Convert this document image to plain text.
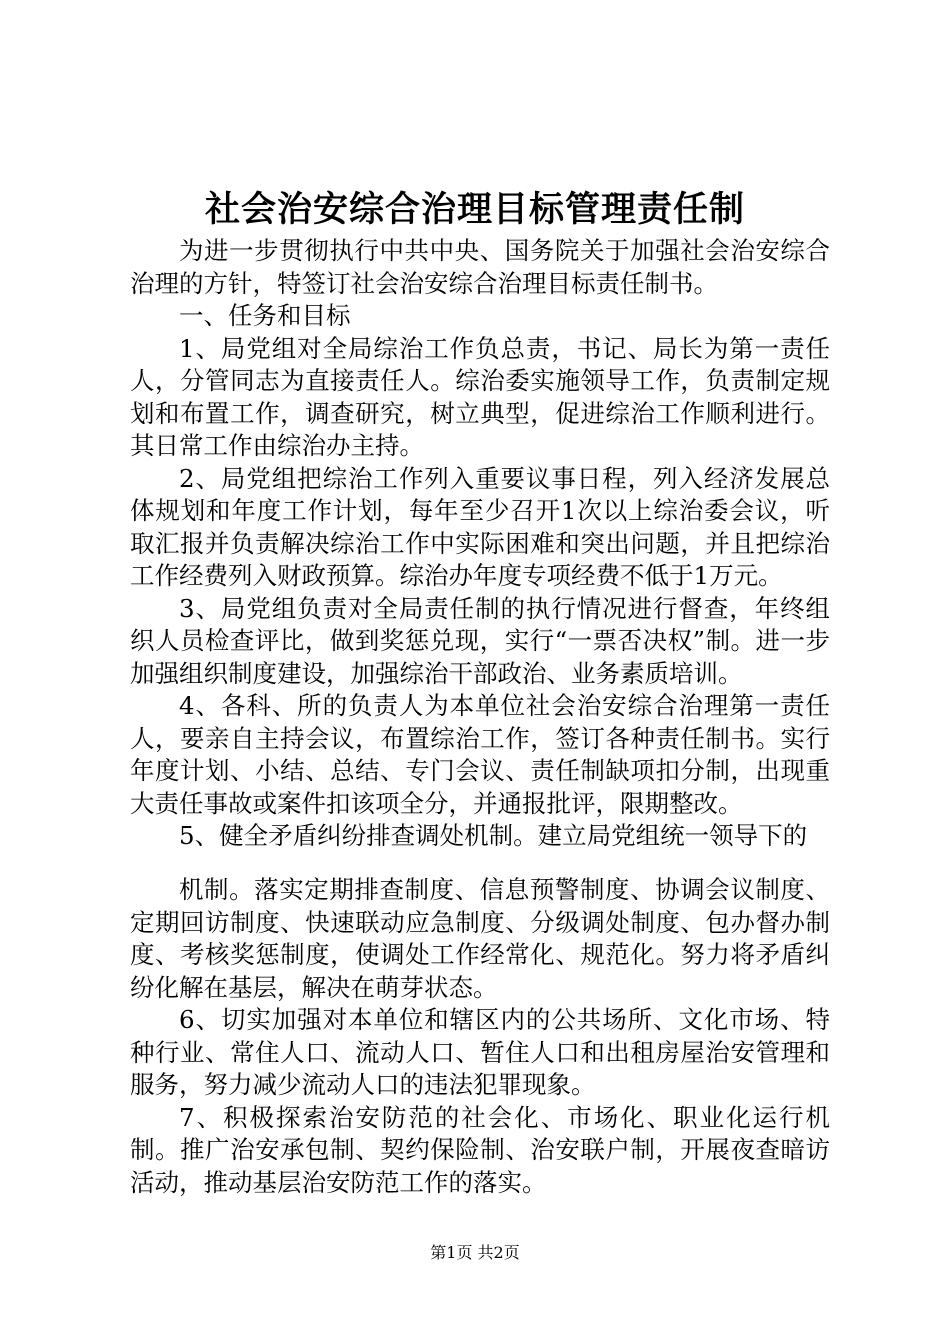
社会治安综合治理目标管理责任制

为进一步贯彻执行中共中央、国务院关于加强社会治安综合治理的方针，特签订社会治安综合治理目标责任制书。

一、任务和目标

1、局党组对全局综治工作负总责，书记、局长为第一责任人，分管同志为直接责任人。综治委实施领导工作，负责制定规划和布置工作，调查研究，树立典型，促进综治工作顺利进行。其日常工作由综治办主持。

2、局党组把综治工作列入重要议事日程，列入经济发展总体规划和年度工作计划，每年至少召开1次以上综治委会议，听取汇报并负责解决综治工作中实际困难和突出问题，并且把综治工作经费列入财政预算。综治办年度专项经费不低于1万元。

3、局党组负责对全局责任制的执行情况进行督查，年终组织人员检查评比，做到奖惩兑现，实行“一票否决权”制。进一步加强组织制度建设，加强综治干部政治、业务素质培训。

4、各科、所的负责人为本单位社会治安综合治理第一责任人，要亲自主持会议，布置综治工作，签订各种责任制书。实行年度计划、小结、总结、专门会议、责任制缺项扣分制，出现重大责任事故或案件扣该项全分，并通报批评，限期整改。

5、健全矛盾纠纷排查调处机制。建立局党组统一领导下的

机制。落实定期排查制度、信息预警制度、协调会议制度、定期回访制度、快速联动应急制度、分级调处制度、包办督办制度、考核奖惩制度，使调处工作经常化、规范化。努力将矛盾纠纷化解在基层，解决在萌芽状态。

6、切实加强对本单位和辖区内的公共场所、文化市场、特种行业、常住人口、流动人口、暂住人口和出租房屋治安管理和服务，努力减少流动人口的违法犯罪现象。

7、积极探索治安防范的社会化、市场化、职业化运行机制。推广治安承包制、契约保险制、治安联户制，开展夜查暗访活动，推动基层治安防范工作的落实。

第1页 共2页
